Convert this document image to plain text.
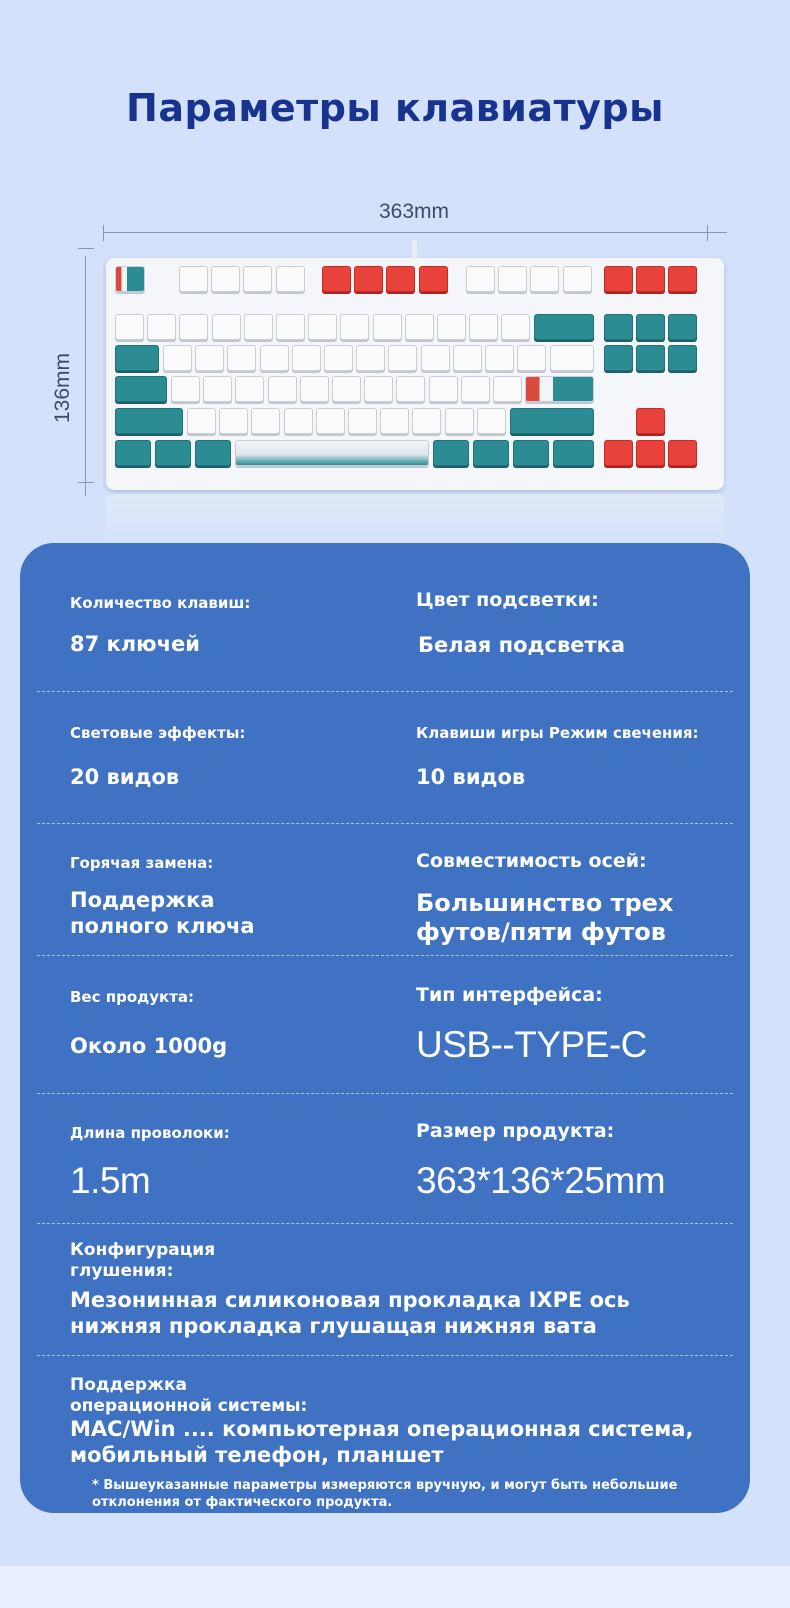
Параметры клавиатуры
363mm
136mm
Количество клавиш:
87 ключей
Цвет подсветки:
Белая подсветка
Световые эффекты:
20 видов
Клавиши игры Режим свечения:
10 видов
Горячая замена:
Поддержка
полного ключа
Совместимость осей:
Большинство трех
футов/пяти футов
Вес продукта:
Около 1000g
Тип интерфейса:
USB--TYPE-C
Длина проволоки:
1.5m
Размер продукта:
363*136*25mm
Конфигурация
глушения:
Мезонинная силиконовая прокладка IXPE ось
нижняя прокладка глушащая нижняя вата
Поддержка
операционной системы:
MAC/Win .... компьютерная операционная система,
мобильный телефон, планшет
* Вышеуказанные параметры измеряются вручную, и могут быть небольшие отклонения от фактического продукта.
